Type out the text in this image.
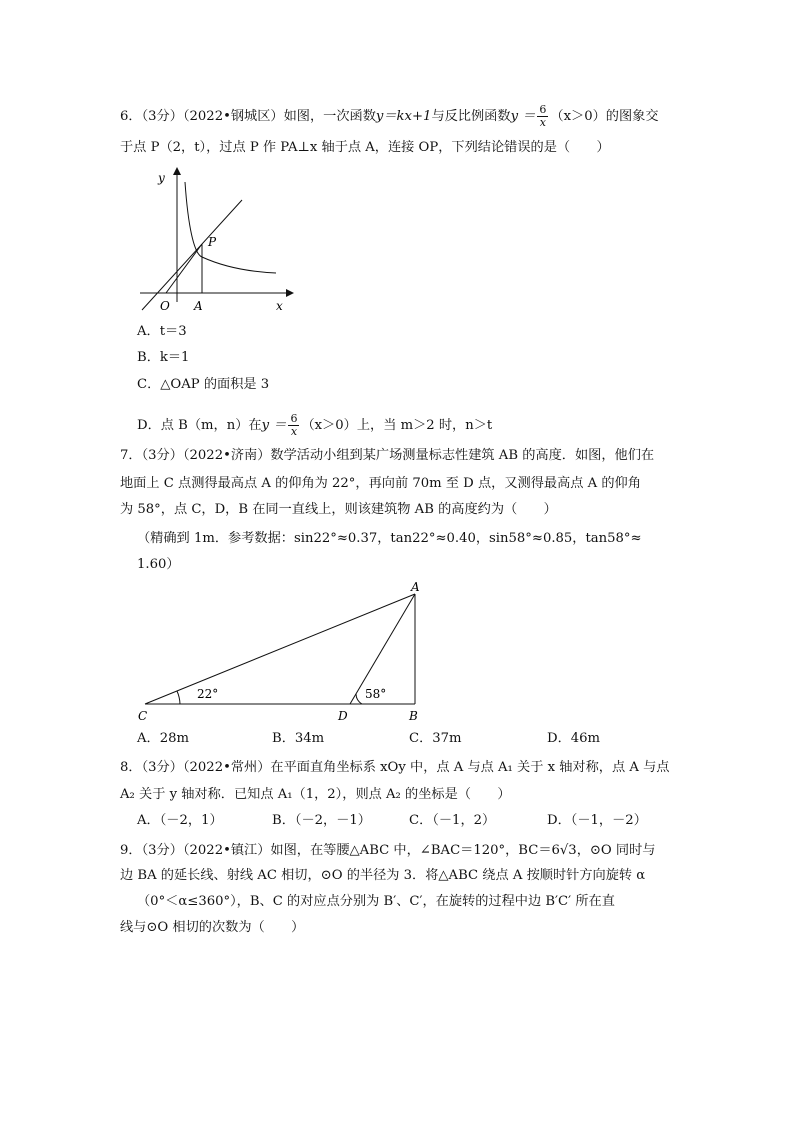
6．（3分）（2022•钢城区）如图，一次函数y＝kx+1与反比例函数$y = \frac{6}{x} (x>0)$的图象交
于点 P（2，t），过点 P 作 PA⊥x 轴于点 A，连接 OP，下列结论错误的是（　　）
y
x
O A
P
A．t＝3
B．k＝1
C．△OAP 的面积是 3
D．点 B（m，n）在$y = \frac{6}{x} (x>0)$上，当 m＞2 时，n＞t
7．（3分）（2022•济南）数学活动小组到某广场测量标志性建筑 AB 的高度．如图，他们在
地面上 C 点测得最高点 A 的仰角为 22°，再向前 70m 至 D 点，又测得最高点 A 的仰角
为 58°，点 C，D，B 在同一直线上，则该建筑物 AB 的高度约为（　　）
（精确到 1m．参考数据：sin22°≈0.37，tan22°≈0.40，sin58°≈0.85，tan58°≈
1.60）
22°	58°
A
C	D	B
A．28m	B．34m	C．37m	D．46m
8．（3分）（2022•常州）在平面直角坐标系 xOy 中，点 A 与点 A₁ 关于 x 轴对称，点 A 与点
A₂ 关于 y 轴对称．已知点 A₁（1，2），则点 A₂ 的坐标是（　　）
A．（－2，1）	B．（－2，－1）	C．（－1，2）	D．（－1，－2）
9．（3分）（2022•镇江）如图，在等腰△ABC 中，∠BAC＝120°，BC＝6√3，⊙O 同时与
边 BA 的延长线、射线 AC 相切，⊙O 的半径为 3．将△ABC 绕点 A 按顺时针方向旋转 α
（0°＜α≤360°），B、C 的对应点分别为 B′、C′，在旋转的过程中边 B′C′ 所在直
线与⊙O 相切的次数为（　　）
